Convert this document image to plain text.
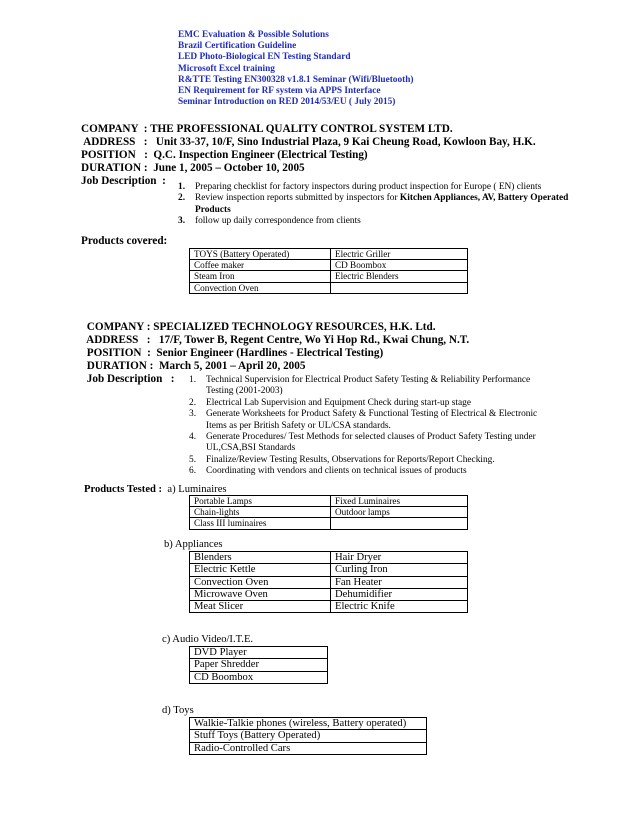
EMC Evaluation & Possible Solutions
Brazil Certification Guideline
LED Photo-Biological EN Testing Standard
Microsoft Excel training
R&TTE Testing EN300328 v1.8.1 Seminar (Wifi/Bluetooth)
EN Requirement for RF system via APPS Interface
Seminar Introduction on RED 2014/53/EU ( July 2015)
COMPANY  : THE PROFESSIONAL QUALITY CONTROL SYSTEM LTD.
ADDRESS   :   Unit 33-37, 10/F, Sino Industrial Plaza, 9 Kai Cheung Road, Kowloon Bay, H.K.
POSITION   :  Q.C. Inspection Engineer (Electrical Testing)
DURATION :  June 1, 2005 – October 10, 2005
Job Description  : 1. Preparing checklist for factory inspectors during product inspection for Europe ( EN) clients
2. Review inspection reports submitted by inspectors for Kitchen Appliances, AV, Battery Operated Products
3. follow up daily correspondence from clients
Products covered:
TOYS (Battery Operated)	Electric Griller
Coffee maker	CD Boombox
Steam Iron	Electric Blenders
Convection Oven	
COMPANY : SPECIALIZED TECHNOLOGY RESOURCES, H.K. Ltd.
ADDRESS   :   17/F, Tower B, Regent Centre, Wo Yi Hop Rd., Kwai Chung, N.T.
POSITION  :  Senior Engineer (Hardlines - Electrical Testing)
DURATION :  March 5, 2001 – April 20, 2005
Job Description   : 1. Technical Supervision for Electrical Product Safety Testing & Reliability Performance Testing (2001-2003)
2. Electrical Lab Supervision and Equipment Check during start-up stage
3. Generate Worksheets for Product Safety & Functional Testing of Electrical & Electronic Items as per British Safety or UL/CSA standards.
4. Generate Procedures/ Test Methods for selected clauses of Product Safety Testing under UL,CSA,BSI Standards
5. Finalize/Review Testing Results, Observations for Reports/Report Checking.
6. Coordinating with vendors and clients on technical issues of products
Products Tested :  a) Luminaires
Portable Lamps	Fixed Luminaires
Chain-lights	Outdoor lamps
Class III luminaires	
b) Appliances
Blenders	Hair Dryer
Electric Kettle	Curling Iron
Convection Oven	Fan Heater
Microwave Oven	Dehumidifier
Meat Slicer	Electric Knife
c) Audio Video/I.T.E.
DVD Player
Paper Shredder
CD Boombox
d) Toys
Walkie-Talkie phones (wireless, Battery operated)
Stuff Toys (Battery Operated)
Radio-Controlled Cars
